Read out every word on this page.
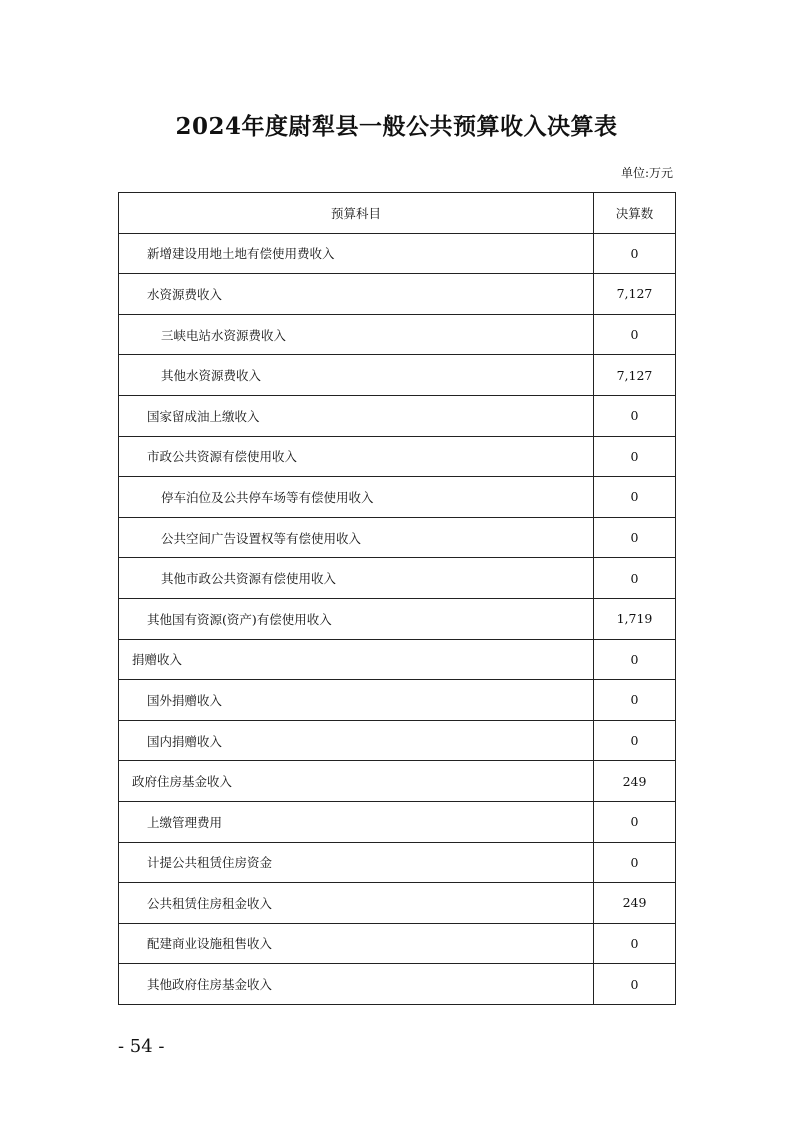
2024年度尉犁县一般公共预算收入决算表
单位:万元
预算科目	决算数
新增建设用地土地有偿使用费收入	0
水资源费收入	7,127
三峡电站水资源费收入	0
其他水资源费收入	7,127
国家留成油上缴收入	0
市政公共资源有偿使用收入	0
停车泊位及公共停车场等有偿使用收入	0
公共空间广告设置权等有偿使用收入	0
其他市政公共资源有偿使用收入	0
其他国有资源(资产)有偿使用收入	1,719
捐赠收入	0
国外捐赠收入	0
国内捐赠收入	0
政府住房基金收入	249
上缴管理费用	0
计提公共租赁住房资金	0
公共租赁住房租金收入	249
配建商业设施租售收入	0
其他政府住房基金收入	0
- 54 -
